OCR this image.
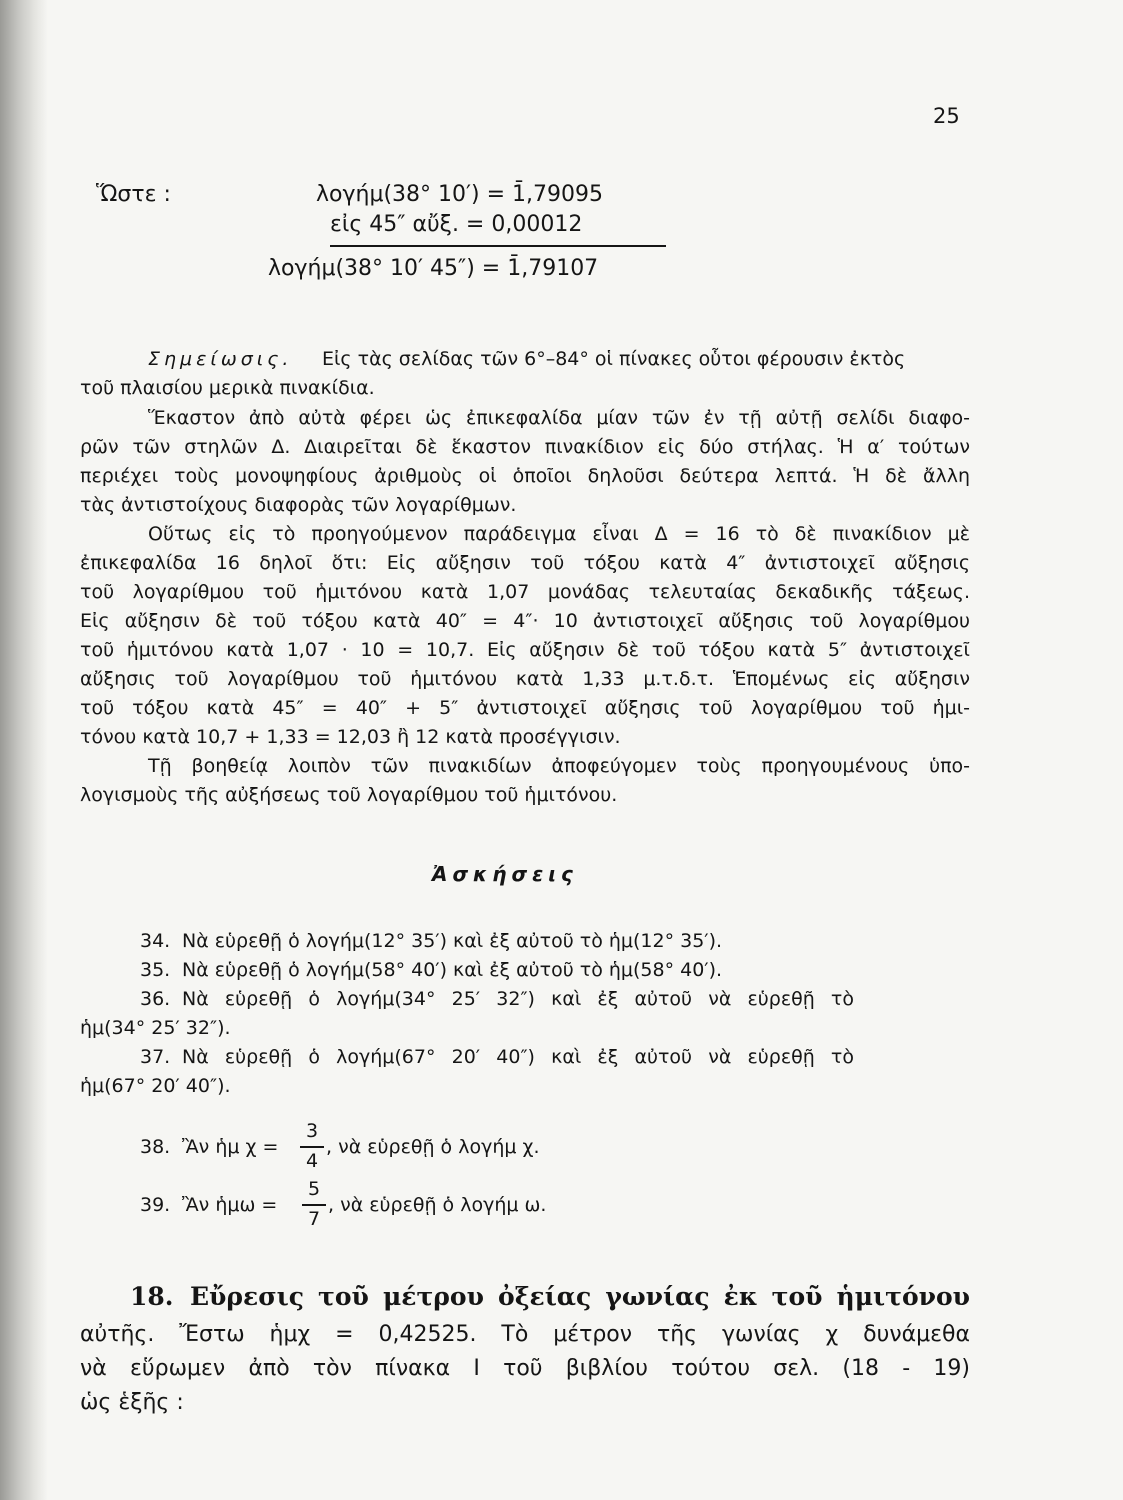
25
Ὥστε :	λογήμ(38° 10′) = 1̄,79095
εἰς 45″ αὔξ. = 0,00012
λογήμ(38° 10′ 45″) = 1̄,79107
Σημείωσις. Εἰς τὰς σελίδας τῶν 6°–84° οἱ πίνακες οὗτοι φέρουσιν ἐκτὸς
τοῦ πλαισίου μερικὰ πινακίδια.
Ἕκαστον ἀπὸ αὐτὰ φέρει ὡς ἐπικεφαλίδα μίαν τῶν ἐν τῇ αὐτῇ σελίδι διαφο-
ρῶν τῶν στηλῶν Δ. Διαιρεῖται δὲ ἕκαστον πινακίδιον εἰς δύο στήλας. Ἡ α′ τούτων
περιέχει τοὺς μονοψηφίους ἀριθμοὺς οἱ ὁποῖοι δηλοῦσι δεύτερα λεπτά. Ἡ δὲ ἄλλη
τὰς ἀντιστοίχους διαφορὰς τῶν λογαρίθμων.
Οὕτως εἰς τὸ προηγούμενον παράδειγμα εἶναι Δ = 16 τὸ δὲ πινακίδιον μὲ
ἐπικεφαλίδα 16 δηλοῖ ὅτι: Εἰς αὔξησιν τοῦ τόξου κατὰ 4″ ἀντιστοιχεῖ αὔξησις
τοῦ λογαρίθμου τοῦ ἡμιτόνου κατὰ 1,07 μονάδας τελευταίας δεκαδικῆς τάξεως.
Εἰς αὔξησιν δὲ τοῦ τόξου κατὰ 40″ = 4″· 10 ἀντιστοιχεῖ αὔξησις τοῦ λογαρίθμου
τοῦ ἡμιτόνου κατὰ 1,07 · 10 = 10,7. Εἰς αὔξησιν δὲ τοῦ τόξου κατὰ 5″ ἀντιστοιχεῖ
αὔξησις τοῦ λογαρίθμου τοῦ ἡμιτόνου κατὰ 1,33 μ.τ.δ.τ. Ἑπομένως εἰς αὔξησιν
τοῦ τόξου κατὰ 45″ = 40″ + 5″ ἀντιστοιχεῖ αὔξησις τοῦ λογαρίθμου τοῦ ἡμι-
τόνου κατὰ 10,7 + 1,33 = 12,03 ἢ 12 κατὰ προσέγγισιν.
Τῇ βοηθείᾳ λοιπὸν τῶν πινακιδίων ἀποφεύγομεν τοὺς προηγουμένους ὑπο-
λογισμοὺς τῆς αὐξήσεως τοῦ λογαρίθμου τοῦ ἡμιτόνου.
Ἀσκήσεις
34. Νὰ εὑρεθῇ ὁ λογήμ(12° 35′) καὶ ἐξ αὐτοῦ τὸ ἡμ(12° 35′).
35. Νὰ εὑρεθῇ ὁ λογήμ(58° 40′) καὶ ἐξ αὐτοῦ τὸ ἡμ(58° 40′).
36. Νὰ εὑρεθῇ ὁ λογήμ(34° 25′ 32″) καὶ ἐξ αὐτοῦ νὰ εὑρεθῇ τὸ
ἡμ(34° 25′ 32″).
37. Νὰ εὑρεθῇ ὁ λογήμ(67° 20′ 40″) καὶ ἐξ αὐτοῦ νὰ εὑρεθῇ τὸ
ἡμ(67° 20′ 40″).
38. Ἂν ἡμ χ =
3
4
, νὰ εὑρεθῇ ὁ λογήμ χ.
39. Ἂν ἡμω =
5
7
, νὰ εὑρεθῇ ὁ λογήμ ω.
18. Εὔρεσις τοῦ μέτρου ὀξείας γωνίας ἐκ τοῦ ἡμιτόνου
αὐτῆς. Ἔστω ἡμχ = 0,42525. Τὸ μέτρον τῆς γωνίας χ δυνάμεθα
νὰ εὕρωμεν ἀπὸ τὸν πίνακα I τοῦ βιβλίου τούτου σελ. (18 - 19)
ὡς ἑξῆς :
